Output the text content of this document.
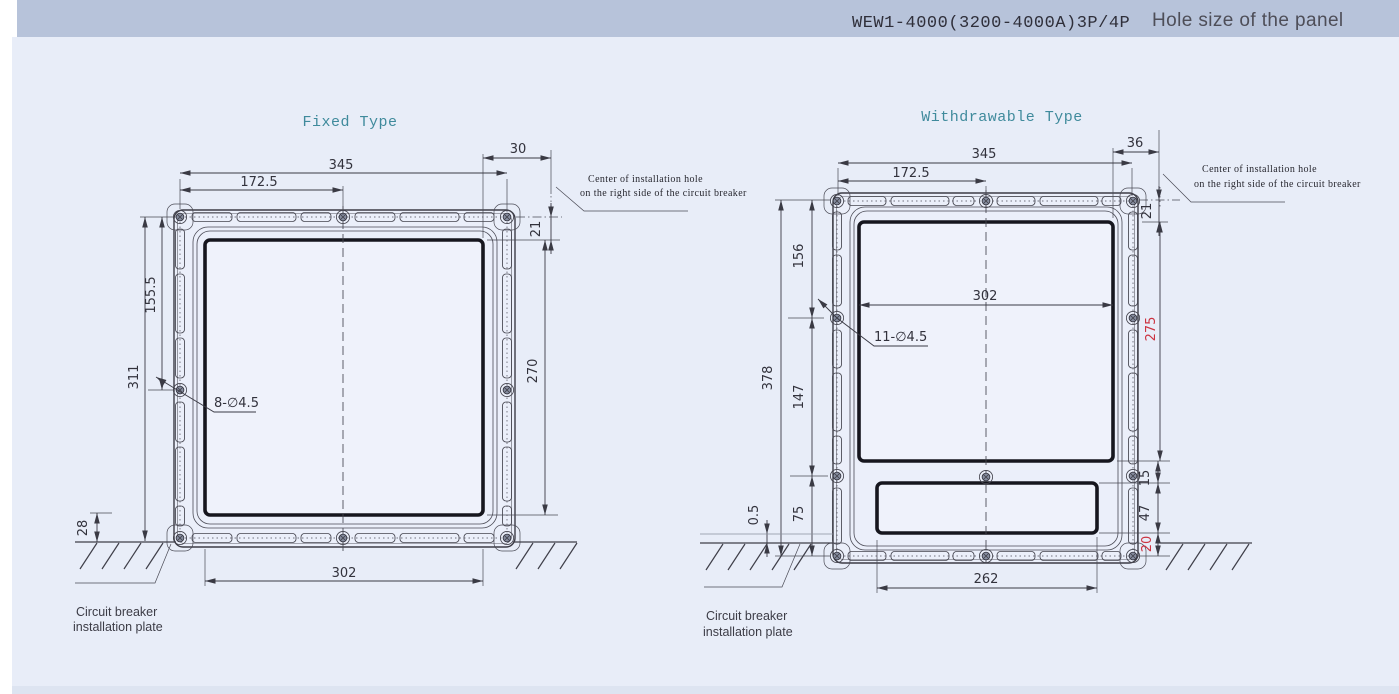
WEW1-4000(3200-4000A)3P/4P Hole size of the panel
Fixed Type
345
172.5
30
21
155.5
311	270
28
302
8-∅4.5
Center of installation hole
on the right side of the circuit breaker
Circuit breaker
installation plate
Withdrawable Type
345
172.5
36
302
262
21
275
15
47
20
156
147
378
75
0.5
11-∅4.5
Center of installation hole
on the right side of the circuit breaker
Circuit breaker
installation plate
